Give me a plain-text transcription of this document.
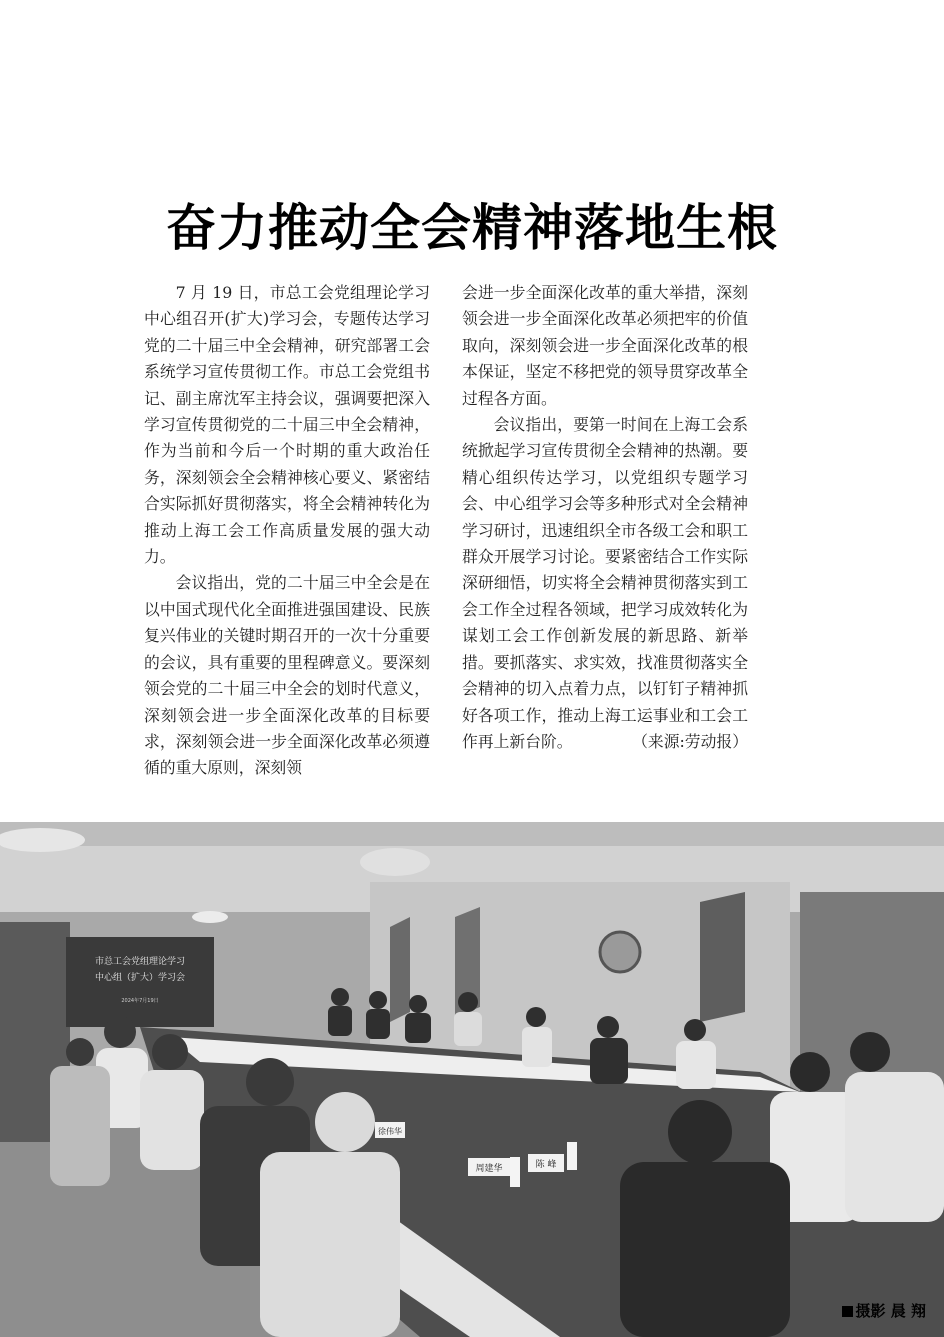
奋力推动全会精神落地生根

7 月 19 日，市总工会党组理论学习中心组召开(扩大)学习会，专题传达学习党的二十届三中全会精神，研究部署工会系统学习宣传贯彻工作。市总工会党组书记、副主席沈军主持会议，强调要把深入学习宣传贯彻党的二十届三中全会精神，作为当前和今后一个时期的重大政治任务，深刻领会全会精神核心要义、紧密结合实际抓好贯彻落实，将全会精神转化为推动上海工会工作高质量发展的强大动力。

会议指出，党的二十届三中全会是在以中国式现代化全面推进强国建设、民族复兴伟业的关键时期召开的一次十分重要的会议，具有重要的里程碑意义。要深刻领会党的二十届三中全会的划时代意义，深刻领会进一步全面深化改革的目标要求，深刻领会进一步全面深化改革必须遵循的重大原则，深刻领

会进一步全面深化改革的重大举措，深刻领会进一步全面深化改革必须把牢的价值取向，深刻领会进一步全面深化改革的根本保证，坚定不移把党的领导贯穿改革全过程各方面。

会议指出，要第一时间在上海工会系统掀起学习宣传贯彻全会精神的热潮。要精心组织传达学习，以党组织专题学习会、中心组学习会等多种形式对全会精神学习研讨，迅速组织全市各级工会和职工群众开展学习讨论。要紧密结合工作实际深研细悟，切实将全会精神贯彻落实到工会工作全过程各领域，把学习成效转化为谋划工会工作创新发展的新思路、新举措。要抓落实、求实效，找准贯彻落实全会精神的切入点着力点，以钉钉子精神抓好各项工作，推动上海工运事业和工会工作再上新台阶。	（来源:劳动报）
市总工会党组理论学习
中心组（扩大）学习会
2024年7月19日
徐伟华
周建华	陈 峰
摄影 晨 翔
